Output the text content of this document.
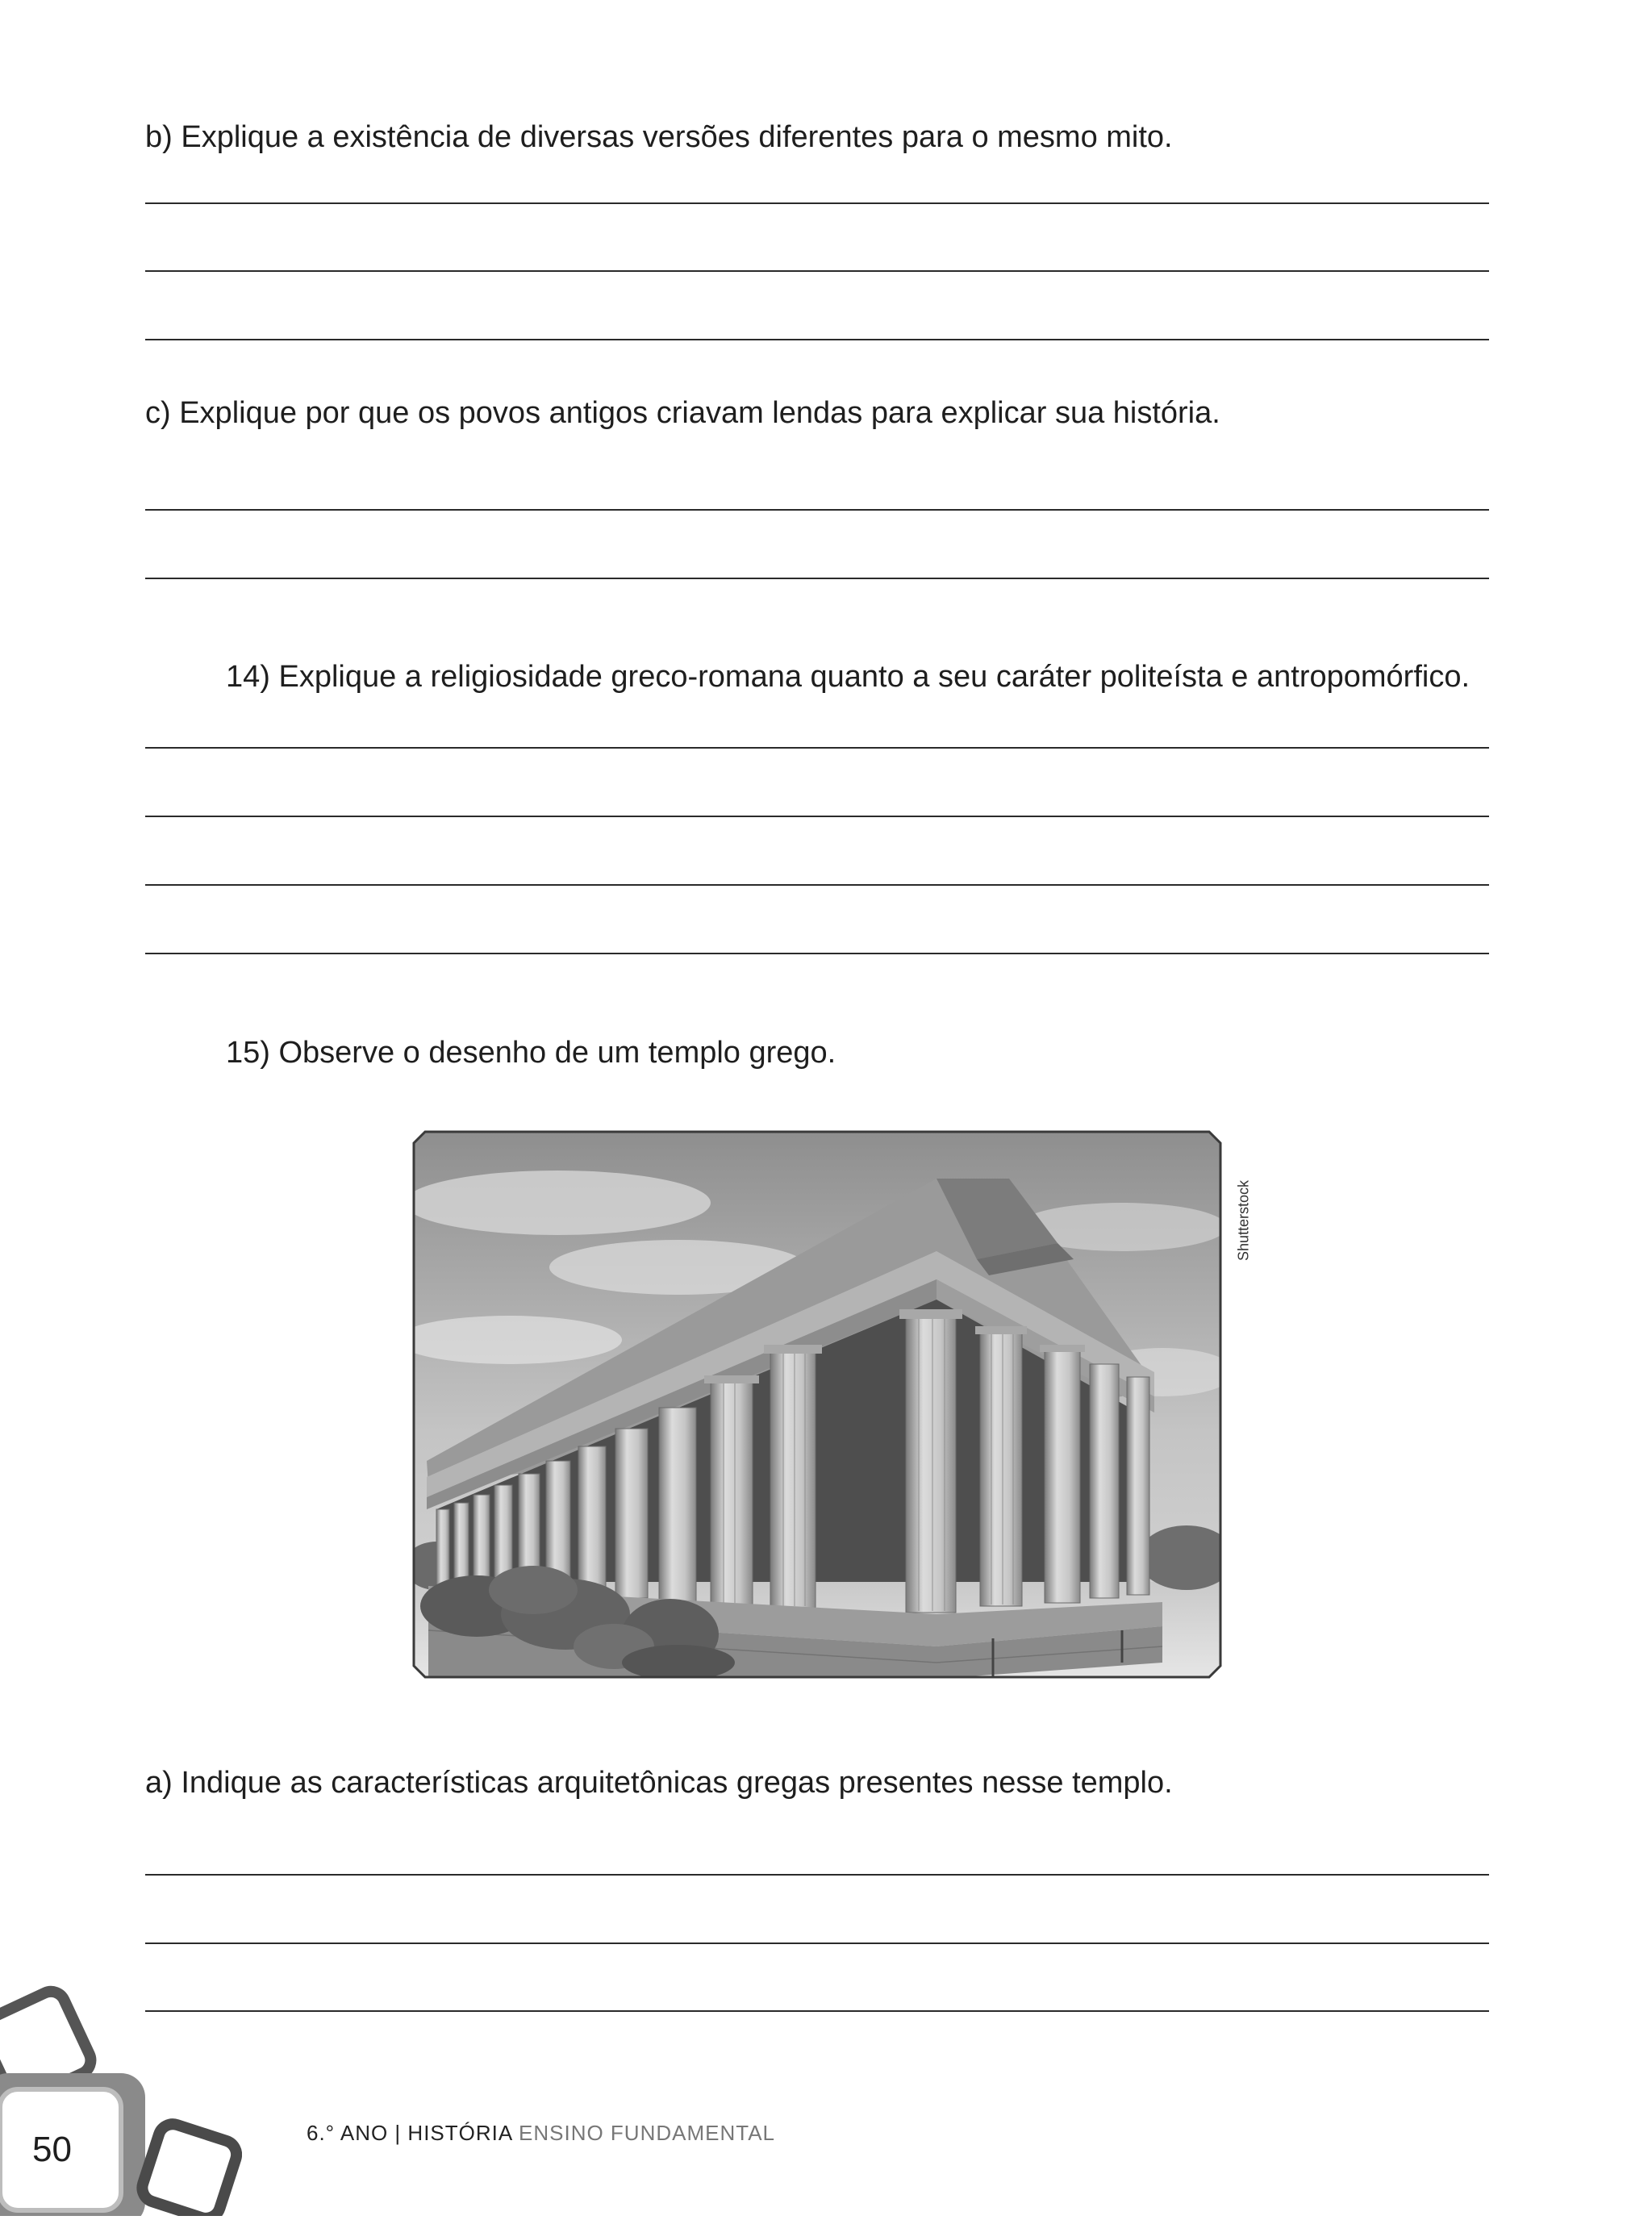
b) Explique a existência de diversas versões diferentes para o mesmo mito.
c) Explique por que os povos antigos criavam lendas para explicar sua história.
14) Explique a religiosidade greco-romana quanto a seu caráter politeísta e antropomórfico.
15) Observe o desenho de um templo grego.
Shutterstock
a) Indique as características arquitetônicas gregas presentes nesse templo.
50	6.° ANO | HISTÓRIA ENSINO FUNDAMENTAL
